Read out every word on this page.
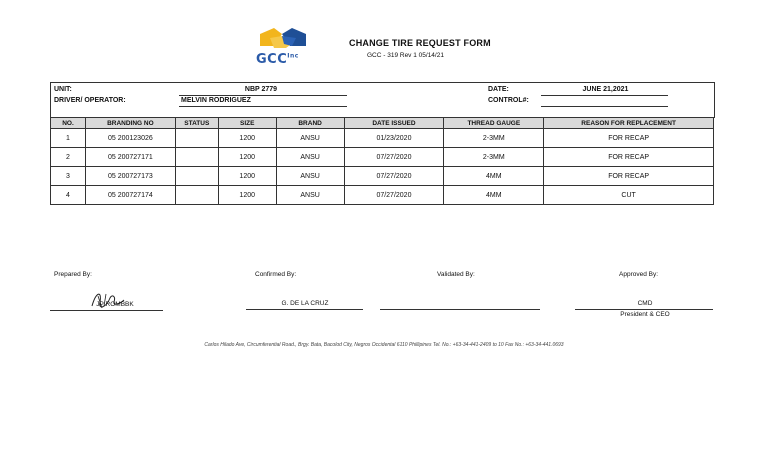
$GCC^{Inc}$
CHANGE TIRE REQUEST FORM
GCC - 319 Rev 1 05/14/21
UNIT:	NBP 2779
DRIVER/ OPERATOR:	MELVIN RODRIGUEZ
DATE:	JUNE 21,2021
CONTROL#:
NO.	BRANDING NO	STATUS	SIZE	BRAND	DATE ISSUED	THREAD GAUGE	REASON FOR REPLACEMENT
1	05 200123026		1200	ANSU	01/23/2020	2-3MM	FOR RECAP
2	05 200727171		1200	ANSU	07/27/2020	2-3MM	FOR RECAP
3	05 200727173		1200	ANSU	07/27/2020	4MM	FOR RECAP
4	05 200727174		1200	ANSU	07/27/2020	4MM	CUT
Prepared By:
JP ROMBBK
Confirmed By:
G. DE LA CRUZ
Validated By:	Approved By:
CMD
President & CEO
Carlos Hilado Ave, Circumferential Road., Brgy. Bata, Bacolod City, Negros Occidental 6110 Phillipines Tel. No.: +63-34-441-2409 to 10 Fax No.: +63-34-441.0693
